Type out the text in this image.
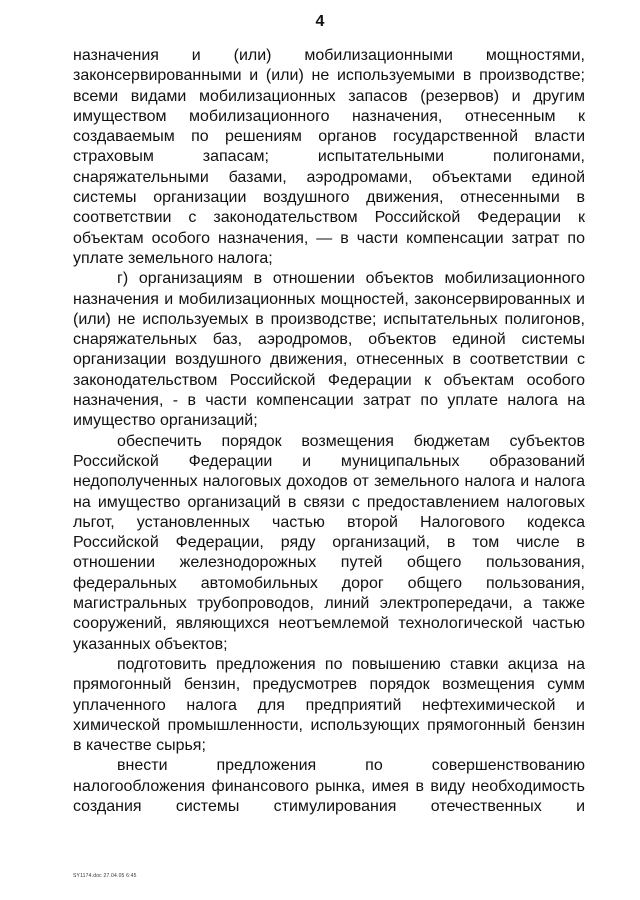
4
назначения и (или) мобилизационными мощностями,
законсервированными и (или) не используемыми в производстве;
всеми видами мобилизационных запасов (резервов) и другим
имуществом мобилизационного назначения, отнесенным к
создаваемым по решениям органов государственной власти
страховым запасам; испытательными полигонами,
снаряжательными базами, аэродромами, объектами единой
системы организации воздушного движения, отнесенными в
соответствии с законодательством Российской Федерации к
объектам особого назначения, — в части компенсации затрат по
уплате земельного налога;
г) организациям в отношении объектов мобилизационного
назначения и мобилизационных мощностей, законсервированных и
(или) не используемых в производстве; испытательных полигонов,
снаряжательных баз, аэродромов, объектов единой системы
организации воздушного движения, отнесенных в соответствии с
законодательством Российской Федерации к объектам особого
назначения, - в части компенсации затрат по уплате налога на
имущество организаций;
обеспечить порядок возмещения бюджетам субъектов
Российской Федерации и муниципальных образований
недополученных налоговых доходов от земельного налога и налога
на имущество организаций в связи с предоставлением налоговых
льгот, установленных частью второй Налогового кодекса
Российской Федерации, ряду организаций, в том числе в
отношении железнодорожных путей общего пользования,
федеральных автомобильных дорог общего пользования,
магистральных трубопроводов, линий электропередачи, а также
сооружений, являющихся неотъемлемой технологической частью
указанных объектов;
подготовить предложения по повышению ставки акциза на
прямогонный бензин, предусмотрев порядок возмещения сумм
уплаченного налога для предприятий нефтехимической и
химической промышленности, использующих прямогонный бензин
в качестве сырья;
внести предложения по совершенствованию
налогообложения финансового рынка, имея в виду необходимость
создания системы стимулирования отечественных и
SY1174.doc 27.04.05 6:45
